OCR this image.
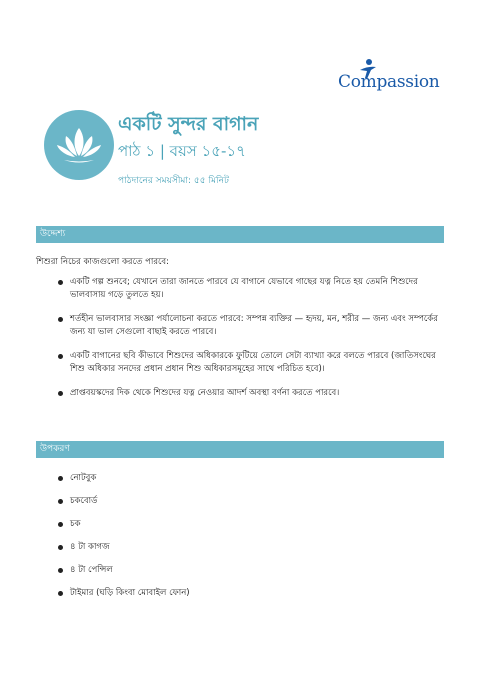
Compassion
একটি সুন্দর বাগান
পাঠ ১ | বয়স ১৫-১৭
পাঠদানের সময়সীমা: ৫৫ মিনিট
উদ্দেশ্য
শিশুরা নিচের কাজগুলো করতে পারবে:
একটি গল্প শুনবে; যেখানে তারা জানতে পারবে যে বাগানে যেভাবে গাছের যত্ন নিতে হয় তেমনি শিশুদের ভালবাসায় গড়ে তুলতে হয়।
শর্তহীন ভালবাসার সংজ্ঞা পর্যালোচনা করতে পারবে: সম্পন্ন ব্যক্তির — হৃদয়, মন, শরীর — জন্য এবং সম্পর্কের জন্য যা ভাল সেগুলো বাছাই করতে পারবে।
একটি বাগানের ছবি কীভাবে শিশুদের অধিকারকে ফুটিয়ে তোলে সেটা ব্যাখ্যা করে বলতে পারবে (জাতিসংঘের শিশু অধিকার সনদের প্রধান প্রধান শিশু অধিকারসমূহের সাথে পরিচিত হবে)।
প্রাপ্তবয়স্কদের দিক থেকে শিশুদের যত্ন নেওয়ার আদর্শ অবস্থা বর্ণনা করতে পারবে।
উপকরণ
নোটবুক
চকবোর্ড
চক
৪ টা কাগজ
৪ টা পেন্সিল
টাইমার (ঘড়ি কিংবা মোবাইল ফোন)
